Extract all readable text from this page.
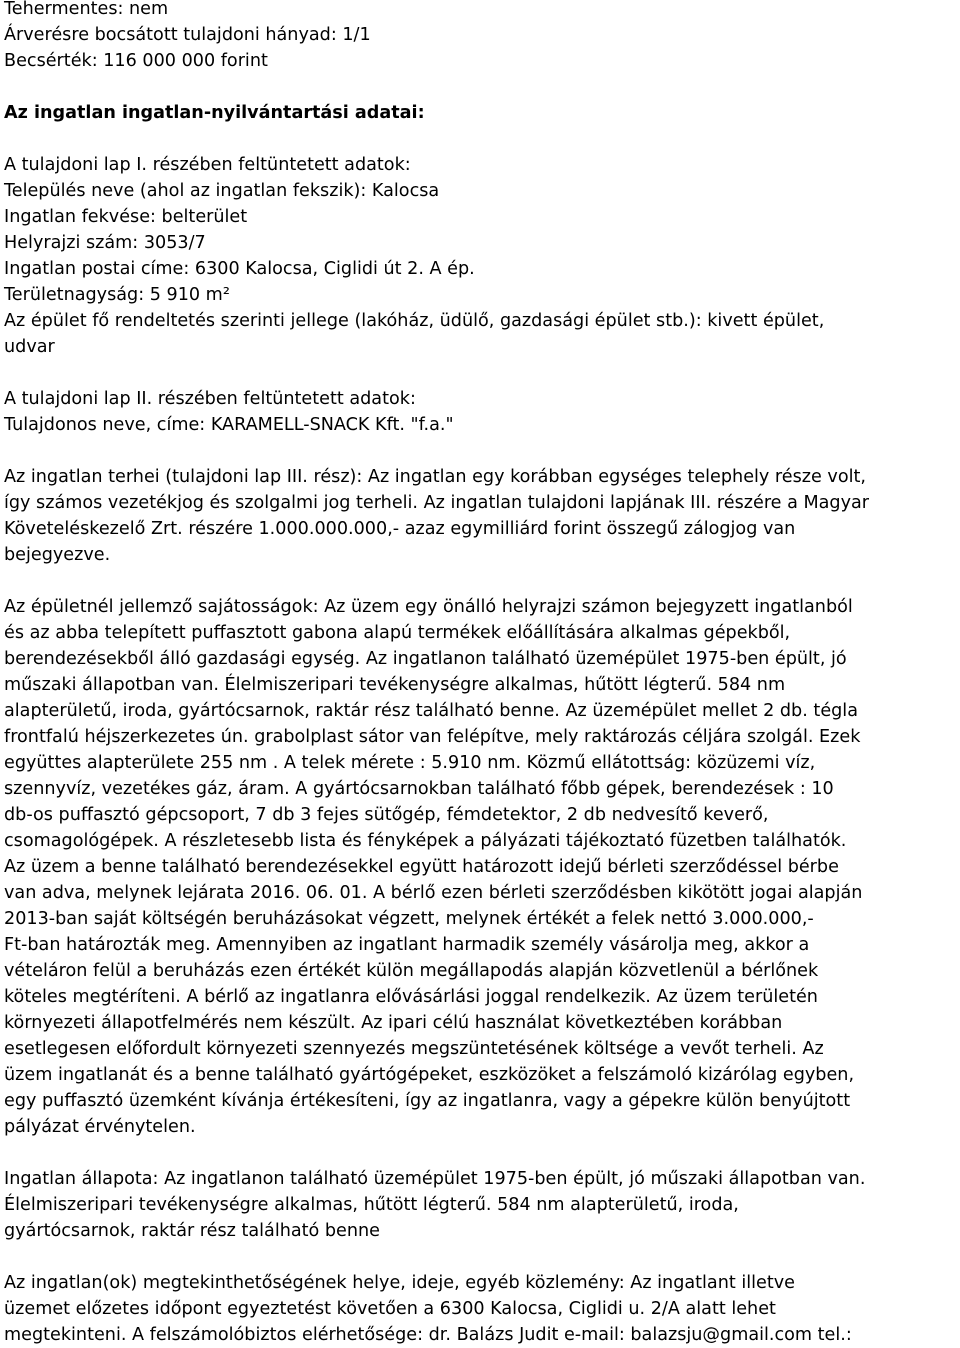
Tehermentes: nem
Árverésre bocsátott tulajdoni hányad: 1/1
Becsérték: 116 000 000 forint
Az ingatlan ingatlan-nyilvántartási adatai:
A tulajdoni lap I. részében feltüntetett adatok:
Település neve (ahol az ingatlan fekszik): Kalocsa
Ingatlan fekvése: belterület
Helyrajzi szám: 3053/7
Ingatlan postai címe: 6300 Kalocsa, Ciglidi út 2. A ép.
Területnagyság: 5 910 m²
Az épület fő rendeltetés szerinti jellege (lakóház, üdülő, gazdasági épület stb.): kivett épület,
udvar
A tulajdoni lap II. részében feltüntetett adatok:
Tulajdonos neve, címe: KARAMELL-SNACK Kft. "f.a."
Az ingatlan terhei (tulajdoni lap III. rész): Az ingatlan egy korábban egységes telephely része volt,
így számos vezetékjog és szolgalmi jog terheli. Az ingatlan tulajdoni lapjának III. részére a Magyar
Követeléskezelő Zrt. részére 1.000.000.000,- azaz egymilliárd forint összegű zálogjog van
bejegyezve.
Az épületnél jellemző sajátosságok: Az üzem egy önálló helyrajzi számon bejegyzett ingatlanból
és az abba telepített puffasztott gabona alapú termékek előállítására alkalmas gépekből,
berendezésekből álló gazdasági egység. Az ingatlanon található üzemépület 1975-ben épült, jó
műszaki állapotban van. Élelmiszeripari tevékenységre alkalmas, hűtött légterű. 584 nm
alapterületű, iroda, gyártócsarnok, raktár rész található benne. Az üzemépület mellet 2 db. tégla
frontfalú héjszerkezetes ún. grabolplast sátor van felépítve, mely raktározás céljára szolgál. Ezek
együttes alapterülete 255 nm . A telek mérete : 5.910 nm. Közmű ellátottság: közüzemi víz,
szennyvíz, vezetékes gáz, áram. A gyártócsarnokban található főbb gépek, berendezések : 10
db-os puffasztó gépcsoport, 7 db 3 fejes sütőgép, fémdetektor, 2 db nedvesítő keverő,
csomagológépek. A részletesebb lista és fényképek a pályázati tájékoztató füzetben találhatók.
Az üzem a benne található berendezésekkel együtt határozott idejű bérleti szerződéssel bérbe
van adva, melynek lejárata 2016. 06. 01. A bérlő ezen bérleti szerződésben kikötött jogai alapján
2013-ban saját költségén beruházásokat végzett, melynek értékét a felek nettó 3.000.000,-
Ft-ban határozták meg. Amennyiben az ingatlant harmadik személy vásárolja meg, akkor a
vételáron felül a beruházás ezen értékét külön megállapodás alapján közvetlenül a bérlőnek
köteles megtéríteni. A bérlő az ingatlanra elővásárlási joggal rendelkezik. Az üzem területén
környezeti állapotfelmérés nem készült. Az ipari célú használat következtében korábban
esetlegesen előfordult környezeti szennyezés megszüntetésének költsége a vevőt terheli. Az
üzem ingatlanát és a benne található gyártógépeket, eszközöket a felszámoló kizárólag egyben,
egy puffasztó üzemként kívánja értékesíteni, így az ingatlanra, vagy a gépekre külön benyújtott
pályázat érvénytelen.
Ingatlan állapota: Az ingatlanon található üzemépület 1975-ben épült, jó műszaki állapotban van.
Élelmiszeripari tevékenységre alkalmas, hűtött légterű. 584 nm alapterületű, iroda,
gyártócsarnok, raktár rész található benne
Az ingatlan(ok) megtekinthetőségének helye, ideje, egyéb közlemény: Az ingatlant illetve
üzemet előzetes időpont egyeztetést követően a 6300 Kalocsa, Ciglidi u. 2/A alatt lehet
megtekinteni. A felszámolóbiztos elérhetősége: dr. Balázs Judit e-mail: balazsju@gmail.com tel.:
